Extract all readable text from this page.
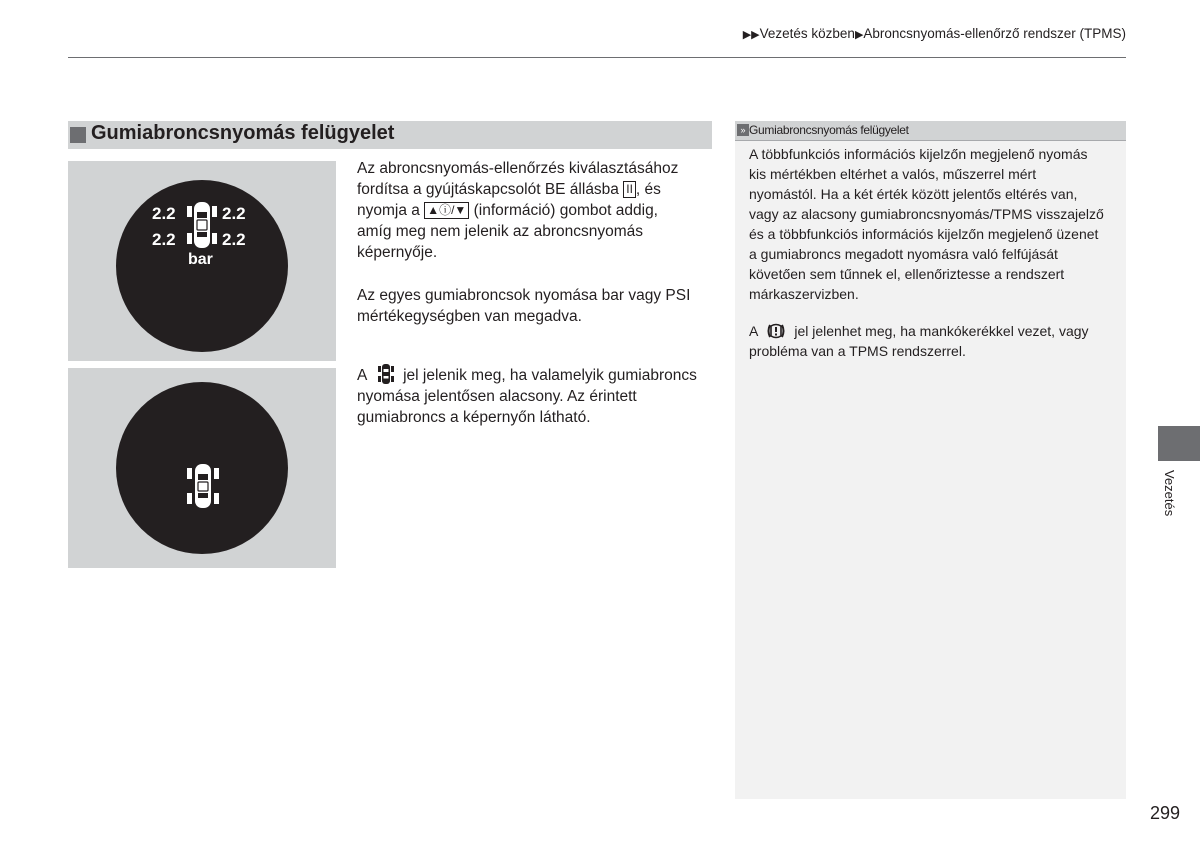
▶▶Vezetés közben▶Abroncsnyomás-ellenőrző rendszer (TPMS)
Gumiabroncsnyomás felügyelet
2.2	2.2
2.2	2.2
bar
Az abroncsnyomás-ellenőrzés kiválasztásához
fordítsa a gyújtáskapcsolót BE állásba II , és
nyomja a ▲ⓘ/▼ (információ) gombot addig,
amíg meg nem jelenik az abroncsnyomás
képernyője.
Az egyes gumiabroncsok nyomása bar vagy PSI
mértékegységben van megadva.
A jel jelenik meg, ha valamelyik gumiabroncs
nyomása jelentősen alacsony. Az érintett
gumiabroncs a képernyőn látható.
» Gumiabroncsnyomás felügyelet
A többfunkciós információs kijelzőn megjelenő nyomás
kis mértékben eltérhet a valós, műszerrel mért
nyomástól. Ha a két érték között jelentős eltérés van,
vagy az alacsony gumiabroncsnyomás/TPMS visszajelző
és a többfunkciós információs kijelzőn megjelenő üzenet
a gumiabroncs megadott nyomásra való felfújását
követően sem tűnnek el, ellenőriztesse a rendszert
márkaszervizben.
A	jel jelenhet meg, ha mankókerékkel vezet, vagy
probléma van a TPMS rendszerrel.
Vezetés
299
